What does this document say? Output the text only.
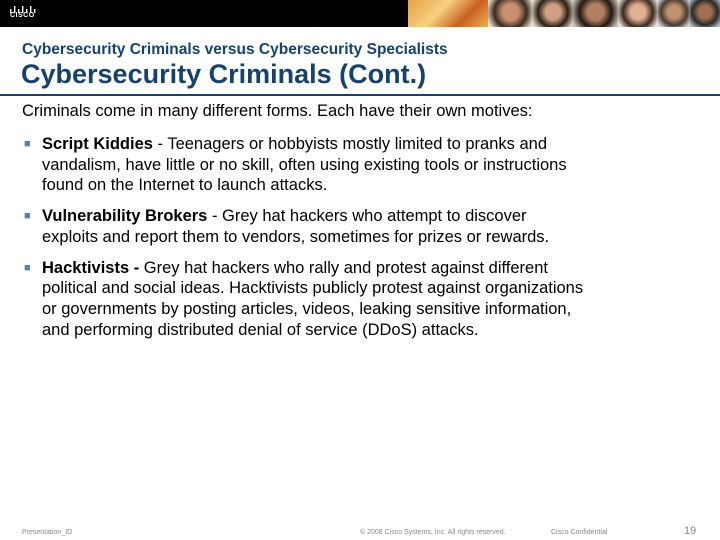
CISCO
Cybersecurity Criminals versus Cybersecurity Specialists
Cybersecurity Criminals (Cont.)
Criminals come in many different forms. Each have their own motives:
■ Script Kiddies - Teenagers or hobbyists mostly limited to pranks and vandalism, have little or no skill, often using existing tools or instructions found on the Internet to launch attacks.
■ Vulnerability Brokers - Grey hat hackers who attempt to discover exploits and report them to vendors, sometimes for prizes or rewards.
■ Hacktivists - Grey hat hackers who rally and protest against different political and social ideas. Hacktivists publicly protest against organizations or governments by posting articles, videos, leaking sensitive information, and performing distributed denial of service (DDoS) attacks.
Presentation_ID	© 2008 Cisco Systems, Inc. All rights reserved.	Cisco Confidential	19
